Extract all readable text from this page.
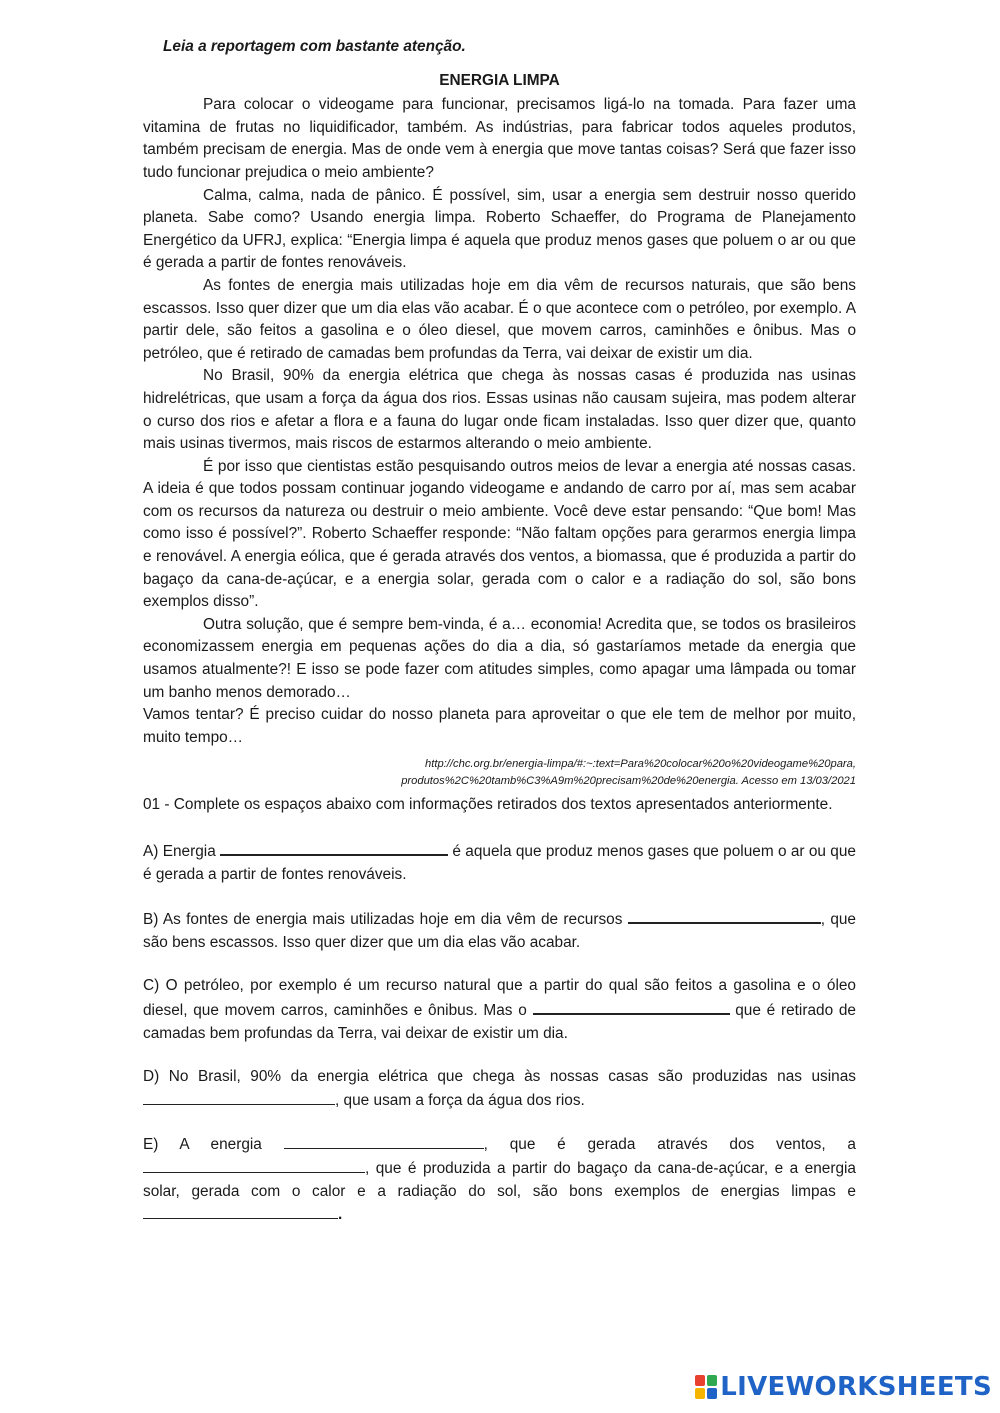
Leia a reportagem com bastante atenção.
ENERGIA LIMPA

Para colocar o videogame para funcionar, precisamos ligá-lo na tomada. Para fazer uma vitamina de frutas no liquidificador, também. As indústrias, para fabricar todos aqueles produtos, também precisam de energia. Mas de onde vem à energia que move tantas coisas? Será que fazer isso tudo funcionar prejudica o meio ambiente?

Calma, calma, nada de pânico. É possível, sim, usar a energia sem destruir nosso querido planeta. Sabe como? Usando energia limpa. Roberto Schaeffer, do Programa de Planejamento Energético da UFRJ, explica: “Energia limpa é aquela que produz menos gases que poluem o ar ou que é gerada a partir de fontes renováveis.

As fontes de energia mais utilizadas hoje em dia vêm de recursos naturais, que são bens escassos. Isso quer dizer que um dia elas vão acabar. É o que acontece com o petróleo, por exemplo. A partir dele, são feitos a gasolina e o óleo diesel, que movem carros, caminhões e ônibus. Mas o petróleo, que é retirado de camadas bem profundas da Terra, vai deixar de existir um dia.

No Brasil, 90% da energia elétrica que chega às nossas casas é produzida nas usinas hidrelétricas, que usam a força da água dos rios. Essas usinas não causam sujeira, mas podem alterar o curso dos rios e afetar a flora e a fauna do lugar onde ficam instaladas. Isso quer dizer que, quanto mais usinas tivermos, mais riscos de estarmos alterando o meio ambiente.

É por isso que cientistas estão pesquisando outros meios de levar a energia até nossas casas. A ideia é que todos possam continuar jogando videogame e andando de carro por aí, mas sem acabar com os recursos da natureza ou destruir o meio ambiente. Você deve estar pensando: “Que bom! Mas como isso é possível?”. Roberto Schaeffer responde: “Não faltam opções para gerarmos energia limpa e renovável. A energia eólica, que é gerada através dos ventos, a biomassa, que é produzida a partir do bagaço da cana-de-açúcar, e a energia solar, gerada com o calor e a radiação do sol, são bons exemplos disso”.

Outra solução, que é sempre bem-vinda, é a… economia! Acredita que, se todos os brasileiros economizassem energia em pequenas ações do dia a dia, só gastaríamos metade da energia que usamos atualmente?! E isso se pode fazer com atitudes simples, como apagar uma lâmpada ou tomar um banho menos demorado…

Vamos tentar? É preciso cuidar do nosso planeta para aproveitar o que ele tem de melhor por muito, muito tempo…

http://chc.org.br/energia-limpa/#:~:text=Para%20colocar%20o%20videogame%20para,
produtos%2C%20tamb%C3%A9m%20precisam%20de%20energia. Acesso em 13/03/2021

01 - Complete os espaços abaixo com informações retirados dos textos apresentados anteriormente.

A) Energia	é aquela que produz menos gases que poluem o ar ou que é gerada a partir de fontes renováveis.

B) As fontes de energia mais utilizadas hoje em dia vêm de recursos	, que são bens escassos. Isso quer dizer que um dia elas vão acabar.

C) O petróleo, por exemplo é um recurso natural que a partir do qual são feitos a gasolina e o óleo diesel, que movem carros, caminhões e ônibus. Mas o	que é retirado de camadas bem profundas da Terra, vai deixar de existir um dia.

D) No Brasil, 90% da energia elétrica que chega às nossas casas são produzidas nas usinas , que usam a força da água dos rios.

E) A energia	, que é gerada através dos ventos, a , que é produzida a partir do bagaço da cana-de-açúcar, e a energia solar, gerada com o calor e a radiação do sol, são bons exemplos de energias limpas e .

LIVEWORKSHEETS
